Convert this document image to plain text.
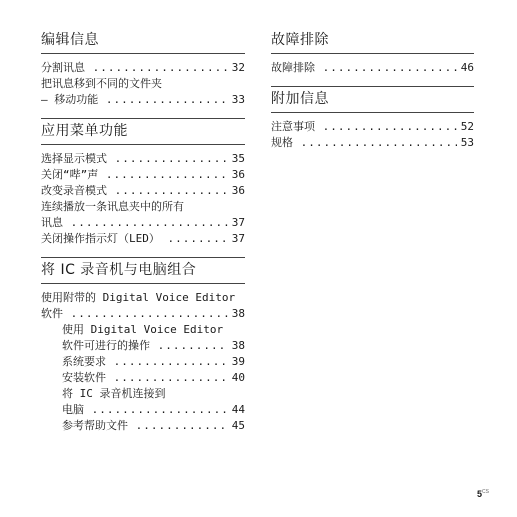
编辑信息
分割讯息 .....	32
把讯息移到不同的文件夹
— 移动功能 .....	33
应用菜单功能
选择显示模式 .....	35
关闭“哔”声 .....	36
改变录音模式 .....	36
连续播放一条讯息夹中的所有
讯息 .....	37
关闭操作指示灯（LED） .....	37
将 IC 录音机与电脑组合
使用附带的 Digital Voice Editor
软件 .....	38
使用 Digital Voice Editor
软件可进行的操作 .....	38
系统要求 .....	39
安装软件 .....	40
将 IC 录音机连接到
电脑 .....	44
参考帮助文件 .....	45
故障排除
故障排除 .....	46
附加信息
注意事项 .....	52
规格 .....	53
$5^{CS}$
